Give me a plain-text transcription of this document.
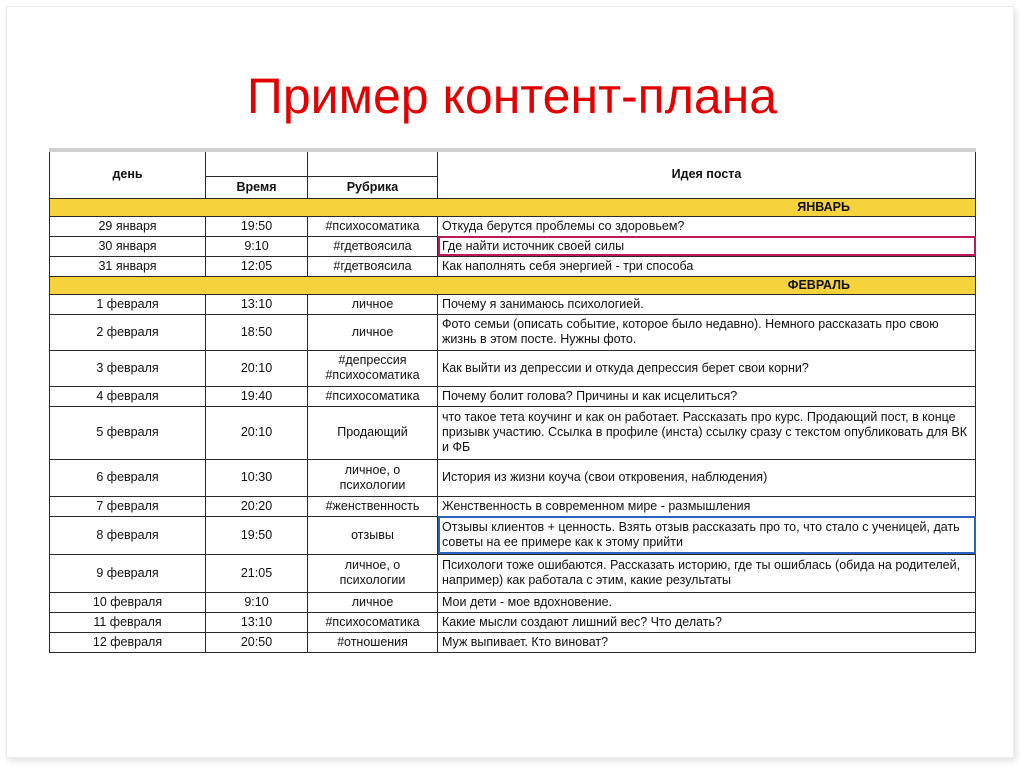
Пример контент-плана
день			Идея поста
	Время	Рубрика	
			ЯНВАРЬ
29 января	19:50	#психосоматика	Откуда берутся проблемы со здоровьем?
30 января	9:10	#гдетвоясила	Где найти источник своей силы
31 января	12:05	#гдетвоясила	Как наполнять себя энергией - три способа
			ФЕВРАЛЬ
1 февраля	13:10	личное	Почему я занимаюсь психологией.
2 февраля	18:50	личное	Фото семьи (описать событие, которое было недавно). Немного рассказать про свою жизнь в этом посте. Нужны фото.
3 февраля	20:10	#депрессия #психосоматика	Как выйти из депрессии и откуда депрессия берет свои корни?
4 февраля	19:40	#психосоматика	Почему болит голова? Причины и как исцелиться?
5 февраля	20:10	Продающий	что такое тета коучинг и как он работает. Рассказать про курс. Продающий пост, в конце призывк участию. Ссылка в профиле (инста) ссылку сразу с текстом опубликовать для ВК и ФБ
6 февраля	10:30	личное, о психологии	История из жизни коуча (свои откровения, наблюдения)
7 февраля	20:20	#женственность	Женственность в современном мире - размышления
8 февраля	19:50	отзывы	Отзывы клиентов + ценность. Взять отзыв рассказать про то, что стало с ученицей, дать советы на ее примере как к этому прийти

9 февраля	21:05	личное, о психологии	Психологи тоже ошибаются. Рассказать историю, где ты ошиблась (обида на родителей, например) как работала с этим, какие результаты
10 февраля	9:10	личное	Мои дети - мое вдохновение.
11 февраля	13:10	#психосоматика	Какие мысли создают лишний вес? Что делать?
12 февраля	20:50	#отношения	Муж выпивает. Кто виноват?
